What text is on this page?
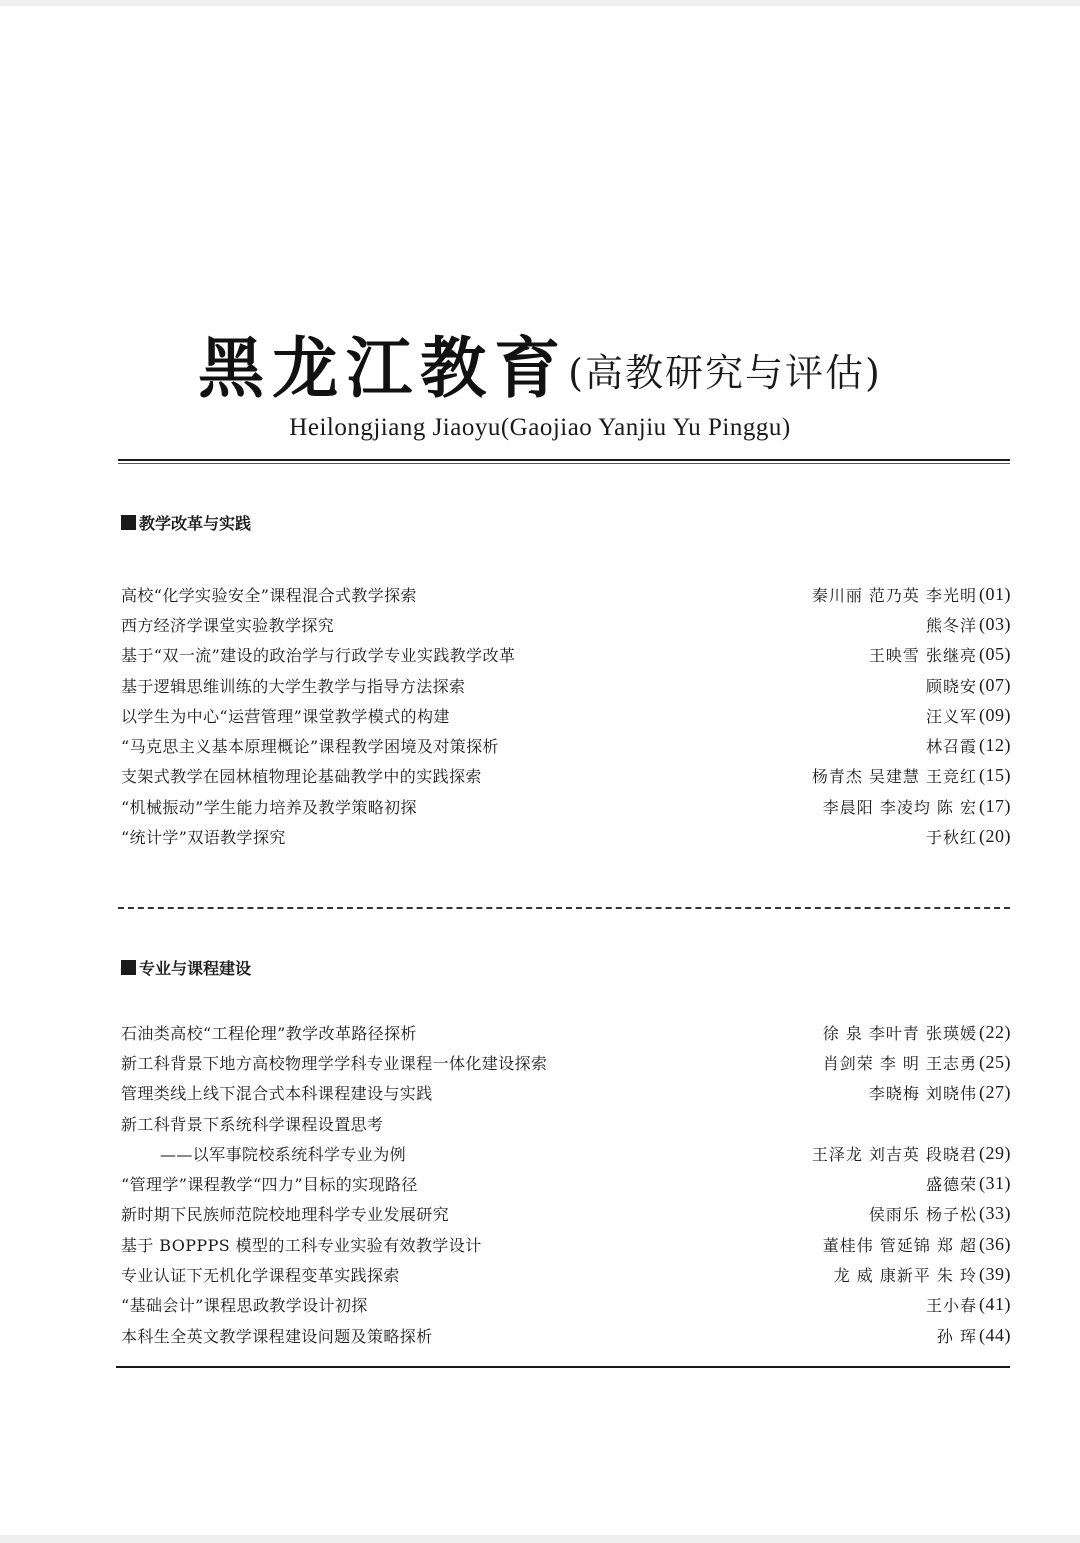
黑龙江教育(高教研究与评估)
Heilongjiang Jiaoyu(Gaojiao Yanjiu Yu Pinggu)
教学改革与实践
高校“化学实验安全”课程混合式教学探索	秦川丽 范乃英 李光明 (01)
西方经济学课堂实验教学探究	熊冬洋 (03)
基于“双一流”建设的政治学与行政学专业实践教学改革	王映雪 张继亮 (05)
基于逻辑思维训练的大学生教学与指导方法探索	顾晓安 (07)
以学生为中心“运营管理”课堂教学模式的构建	汪义军 (09)
“马克思主义基本原理概论”课程教学困境及对策探析	林召霞 (12)
支架式教学在园林植物理论基础教学中的实践探索	杨青杰 吴建慧 王竞红 (15)
“机械振动”学生能力培养及教学策略初探	李晨阳 李凌均 陈 宏 (17)
“统计学”双语教学探究	于秋红 (20)
专业与课程建设
石油类高校“工程伦理”教学改革路径探析	徐 泉 李叶青 张瑛媛 (22)
新工科背景下地方高校物理学学科专业课程一体化建设探索	肖剑荣 李 明 王志勇 (25)
管理类线上线下混合式本科课程建设与实践	李晓梅 刘晓伟 (27)
新工科背景下系统科学课程设置思考
——以军事院校系统科学专业为例	王泽龙 刘吉英 段晓君 (29)
“管理学”课程教学“四力”目标的实现路径	盛德荣 (31)
新时期下民族师范院校地理科学专业发展研究	侯雨乐 杨子松 (33)
基于 BOPPPS 模型的工科专业实验有效教学设计	董桂伟 管延锦 郑 超 (36)
专业认证下无机化学课程变革实践探索	龙 威 康新平 朱 玲 (39)
“基础会计”课程思政教学设计初探	王小春 (41)
本科生全英文教学课程建设问题及策略探析	孙 珲 (44)
